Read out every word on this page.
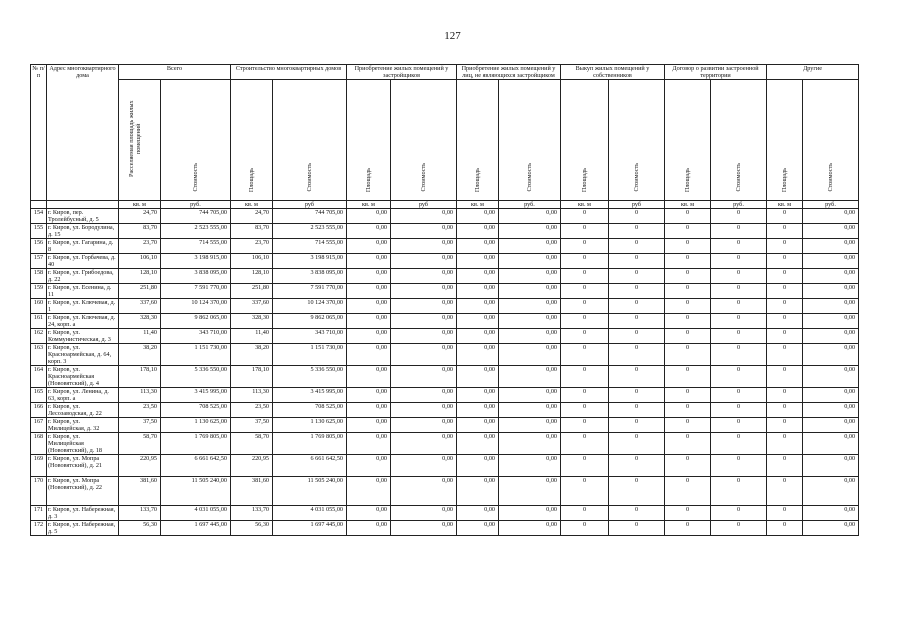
127
№ п/п	Адрес многоквартирного дома	Всего		Строительство многоквартирных домов		Приобретение жилых помещений у застройщиков		Приобретение жилых помещений у лиц, не являющихся застройщиком		Выкуп жилых помещений у собственников		Договор о развитии застроенной территории		Другие	
		Расселяемая площадь жилых помещений	Стоимость	Площадь	Стоимость	Площадь	Стоимость	Площадь	Стоимость	Площадь	Стоимость	Площадь	Стоимость	Площадь	Стоимость
		кв. м	руб.	кв. м	руб	кв. м	руб	кв. м	руб.	кв. м	руб	кв. м	руб.	кв. м	руб.
154	г. Киров, пер. Тролейбусный, д. 5	24,70	744 705,00	24,70	744 705,00	0,00	0,00	0,00	0,00	0	0	0	0	0	0,00
155	г. Киров, ул. Бородулина, д. 15	83,70	2 523 555,00	83,70	2 523 555,00	0,00	0,00	0,00	0,00	0	0	0	0	0	0,00
156	г. Киров, ул. Гагарина, д. 8	23,70	714 555,00	23,70	714 555,00	0,00	0,00	0,00	0,00	0	0	0	0	0	0,00
157	г. Киров, ул. Горбачева, д. 40	106,10	3 198 915,00	106,10	3 198 915,00	0,00	0,00	0,00	0,00	0	0	0	0	0	0,00
158	г. Киров, ул. Грибоедова, д. 22	128,10	3 838 095,00	128,10	3 838 095,00	0,00	0,00	0,00	0,00	0	0	0	0	0	0,00
159	г. Киров, ул. Есенина, д. 11	251,80	7 591 770,00	251,80	7 591 770,00	0,00	0,00	0,00	0,00	0	0	0	0	0	0,00
160	г. Киров, ул. Ключевая, д. 1	337,60	10 124 370,00	337,60	10 124 370,00	0,00	0,00	0,00	0,00	0	0	0	0	0	0,00
161	г. Киров, ул. Ключевая, д. 24, корп. а	328,30	9 862 065,00	328,30	9 862 065,00	0,00	0,00	0,00	0,00	0	0	0	0	0	0,00
162	г. Киров, ул. Коммунистическая, д. 3	11,40	343 710,00	11,40	343 710,00	0,00	0,00	0,00	0,00	0	0	0	0	0	0,00
163	г. Киров, ул. Красноармейская, д. 64, корп. 3	38,20	1 151 730,00	38,20	1 151 730,00	0,00	0,00	0,00	0,00	0	0	0	0	0	0,00
164	г. Киров, ул. Красноармейская (Нововятский), д. 4	178,10	5 336 550,00	178,10	5 336 550,00	0,00	0,00	0,00	0,00	0	0	0	0	0	0,00
165	г. Киров, ул. Ленина, д. 63, корп. а	113,30	3 415 995,00	113,30	3 415 995,00	0,00	0,00	0,00	0,00	0	0	0	0	0	0,00
166	г. Киров, ул. Лесозаводская, д. 22	23,50	708 525,00	23,50	708 525,00	0,00	0,00	0,00	0,00	0	0	0	0	0	0,00
167	г. Киров, ул. Милицейская, д. 32	37,50	1 130 625,00	37,50	1 130 625,00	0,00	0,00	0,00	0,00	0	0	0	0	0	0,00
168	г. Киров, ул. Милицейская (Нововятский), д. 18	58,70	1 769 805,00	58,70	1 769 805,00	0,00	0,00	0,00	0,00	0	0	0	0	0	0,00
169	г. Киров, ул. Мопра (Нововятский), д. 21	220,95	6 661 642,50	220,95	6 661 642,50	0,00	0,00	0,00	0,00	0	0	0	0	0	0,00
170	г. Киров, ул. Мопра (Нововятский), д. 22	381,60	11 505 240,00	381,60	11 505 240,00	0,00	0,00	0,00	0,00	0	0	0	0	0	0,00
171	г. Киров, ул. Набережная, д. 3	133,70	4 031 055,00	133,70	4 031 055,00	0,00	0,00	0,00	0,00	0	0	0	0	0	0,00
172	г. Киров, ул. Набережная, д. 5	56,30	1 697 445,00	56,30	1 697 445,00	0,00	0,00	0,00	0,00	0	0	0	0	0	0,00
